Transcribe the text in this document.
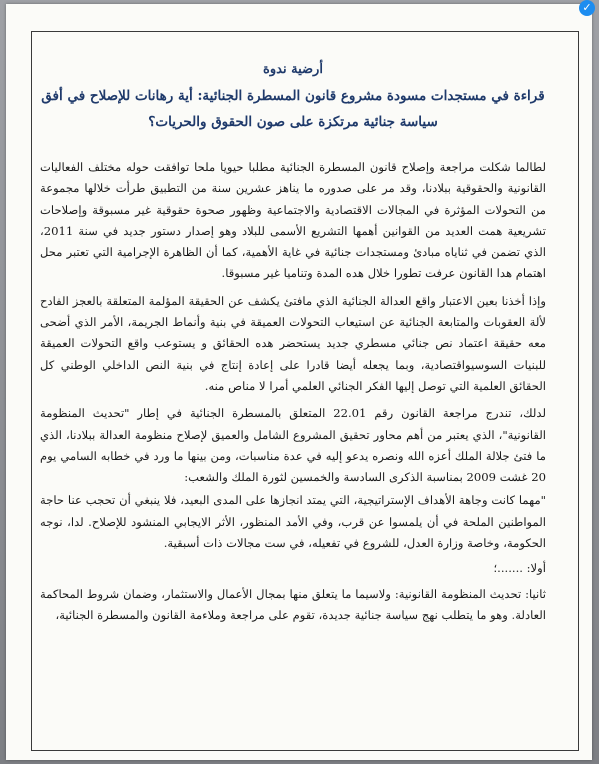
أرضية ندوة

قراءة في مستجدات مسودة مشروع قانون المسطرة الجنائية: أية رهانات للإصلاح في أفق
سياسة جنائية مرتكزة على صون الحقوق والحريات؟

لطالما شكلت مراجعة وإصلاح قانون المسطرة الجنائية مطلبا حيويا ملحا توافقت حوله مختلف الفعاليات القانونية والحقوقية ببلادنا، وقد مر على صدوره ما يناهز عشرين سنة من التطبيق طرأت خلالها مجموعة من التحولات المؤثرة في المجالات الاقتصادية والاجتماعية وظهور صحوة حقوقية غير مسبوقة وإصلاحات تشريعية همت العديد من القوانين أهمها التشريع الأسمى للبلاد وهو إصدار دستور جديد في سنة 2011، الذي تضمن في ثناياه مبادئ ومستجدات جنائية في غاية الأهمية، كما أن الظاهرة الإجرامية التي تعتبر محل اهتمام هدا القانون عرفت تطورا خلال هده المدة وتناميا غير مسبوقا.

وإذا أخذنا بعين الاعتبار واقع العدالة الجنائية الذي مافتئ يكشف عن الحقيقة المؤلمة المتعلقة بالعجز الفادح لألة العقوبات والمتابعة الجنائية عن استيعاب التحولات العميقة في بنية وأنماط الجريمة، الأمر الذي أضحى معه حقيقة اعتماد نص جنائي مسطري جديد يستحضر هده الحقائق و يستوعب واقع التحولات العميقة للبنيات السوسيواقتصادية، وبما يجعله أيضا قادرا على إعادة إنتاج في بنية النص الداخلي الوطني كل الحقائق العلمية التي توصل إليها الفكر الجنائي العلمي أمرا لا مناص منه.

لدلك، تندرج مراجعة القانون رقم 22.01 المتعلق بالمسطرة الجنائية في إطار "تحديث المنظومة القانونية"، الذي يعتبر من أهم محاور تحقيق المشروع الشامل والعميق لإصلاح منظومة العدالة ببلادنا، الذي ما فتئ جلالة الملك أعزه الله ونصره يدعو إليه في عدة مناسبات، ومن بينها ما ورد في خطابه السامي يوم 20 غشت 2009 بمناسبة الذكرى السادسة والخمسين لثورة الملك والشعب:

"مهما كانت وجاهة الأهداف الإستراتيجية، التي يمتد انجازها على المدى البعيد، فلا ينبغي أن تحجب عنا حاجة المواطنين الملحة في أن يلمسوا عن قرب، وفي الأمد المنظور، الأثر الايجابي المنشود للإصلاح. لدا، نوجه الحكومة، وخاصة وزارة العدل، للشروع في تفعيله، في ست مجالات ذات أسبقية.

أولا: .......؛

ثانيا: تحديث المنظومة القانونية: ولاسيما ما يتعلق منها بمجال الأعمال والاستثمار، وضمان شروط المحاكمة العادلة. وهو ما يتطلب نهج سياسة جنائية جديدة، تقوم على مراجعة وملاءمة القانون والمسطرة الجنائية،

✓
